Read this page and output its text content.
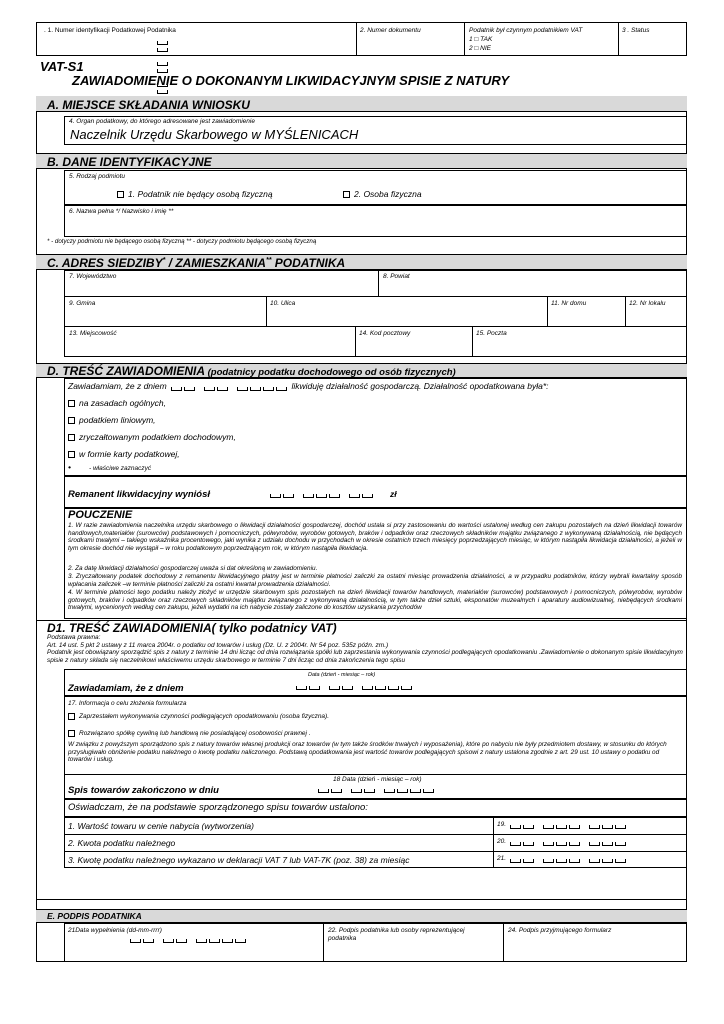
. 1. Numer identyfikacji Podatkowej Podatnika	2. Numer dokumentu	Podatnik był czynnym podatnikiem VAT
1 □ TAK
2 □ NIE
3 . Status
VAT-S1
ZAWIADOMIENIE O DOKONANYM LIKWIDACYJNYM SPISIE Z NATURY
A. MIEJSCE SKŁADANIA WNIOSKU
4. Organ podatkowy, do którego adresowane jest zawiadomienie
Naczelnik Urzędu Skarbowego w MYŚLENICACH
B. DANE IDENTYFIKACYJNE
5. Rodzaj podmiotu
1. Podatnik nie będący osobą fizyczną	2. Osoba fizyczna
6. Nazwa pełna */ Nazwisko i imię **
* - dotyczy podmiotu nie będącego osobą fizyczną ** - dotyczy podmiotu będącego osobą fizyczną
C. ADRES SIEDZIBY* / ZAMIESZKANIA** PODATNIKA
7. Województwo	8. Powiat
9. Gmina	10. Ulica	11. Nr domu	12. Nr lokalu
13. Miejscowość	14. Kod pocztowy	15. Poczta
D. TREŚĆ ZAWIADOMIENIA (podatnicy podatku dochodowego od osób fizycznych)
Zawiadamiam, że z dniem	likwiduję działalność gospodarczą. Działalność opodatkowana była*:
na zasadach ogólnych,
podatkiem liniowym,
zryczałtowanym podatkiem dochodowym,
w formie karty podatkowej,
•	- właściwe zaznaczyć
Remanent likwidacyjny wyniósł	zł
POUCZENIE
1. W razie zawiadomienia naczelnika urzędu skarbowego o likwidacji działalności gospodarczej, dochód ustala si przy zastosowaniu do wartości ustalonej według cen zakupu pozostałych na dzień likwidacji towarów handlowych,materiałów (surowców) podstawowych i pomocniczych, półwyrobów, wyrobów gotowych, braków i odpadków oraz rzeczowych składników majątku związanego z wykonywaną działalnością, nie będących środkami trwałymi – takiego wskaźnika procentowego, jaki wynika z udziału dochodu w przychodach w okresie ostatnich trzech miesięcy poprzedzających miesiąc, w którym nastąpiła likwidacja działalności, a jeżeli w tym okresie dochód nie wystąpił – w roku podatkowym poprzedzającym rok, w którym nastąpiła likwidacja.
2. Za datę likwidacji działalności gospodarczej uważa si dat określoną w zawiadomieniu.
3. Zryczałtowany podatek dochodowy z remanentu likwidacyjnego płatny jest w terminie płatności zaliczki za ostatni miesiąc prowadzenia działalności, a w przypadku podatników, którzy wybrali kwartalny sposób wpłacania zaliczek –w terminie płatności zaliczki za ostatni kwartał prowadzenia działalności.
4. W terminie płatności tego podatku należy złożyć w urzędzie skarbowym spis pozostałych na dzień likwidacji towarów handlowych, materiałów (surowców) podstawowych i pomocniczych, półwyrobów, wyrobów gotowych, braków i odpadków oraz rzeczowych składników majątku związanego z wykonywaną działalnością, w tym także dzieł sztuki, eksponatów muzealnych i aparatury audiowizualnej, niebędących środkami trwałymi, wycenionych według cen zakupu, jeżeli wydatki na ich nabycie zostały zaliczone do kosztów uzyskania przychodów
D1. TREŚĆ ZAWIADOMIENIA( tylko podatnicy VAT)
Podstawa prawna:
Art. 14 ust. 5 pkt 2 ustawy z 11 marca 2004r. o podatku od towarów i usług (Dz. U. z 2004r. Nr 54 poz. 535z późn. zm.)
Podatnik jest obowiązany sporządzić spis z natury z terminie 14 dni licząc od dnia rozwiązania spółki lub zaprzestania wykonywania czynności podlegających opodatkowaniu .Zawiadomienie o dokonanym spisie likwidacyjnym spisie z natury składa się naczelnikowi właściwemu urzędu skarbowego w terminie 7 dni licząc od dnia zakończenia tego spisu
Data (dzień - miesiąc – rok)
Zawiadamiam, że z dniem
17. Informacja o celu złożenia formularza
Zaprzestałem wykonywania czynności podlegających opodatkowaniu (osoba fizyczna).
Rozwiązano spółkę cywilną lub handlową nie posiadającej osobowości prawnej .
W związku z powyższym sporządzono spis z natury towarów własnej produkcji oraz towarów (w tym także środków trwałych i wyposażenia), które po nabyciu nie były przedmiotem dostawy, w stosunku do których przysługiwało obniżenie podatku należnego o kwotę podatku naliczonego. Podstawą opodatkowania jest wartość towarów podlegających spisowi z natury ustalona zgodnie z art. 29 ust. 10 ustawy o podatku od towarów i usług.
18 Data (dzień - miesiąc – rok)
Spis towarów zakończono w dniu
Oświadczam, że na podstawie sporządzonego spisu towarów ustalono:
1. Wartość towaru w cenie nabycia (wytworzenia)
2. Kwota podatku należnego
3. Kwotę podatku należnego wykazano w deklaracji VAT 7 lub VAT-7K (poz. 38) za miesiąc
19.
20.
21.
E. PODPIS PODATNIKA
21Data wypełnienia (dd-mm-rrrr)	22. Podpis podatnika lub osoby reprezentującej podatnika
24. Podpis przyjmującego formularz
